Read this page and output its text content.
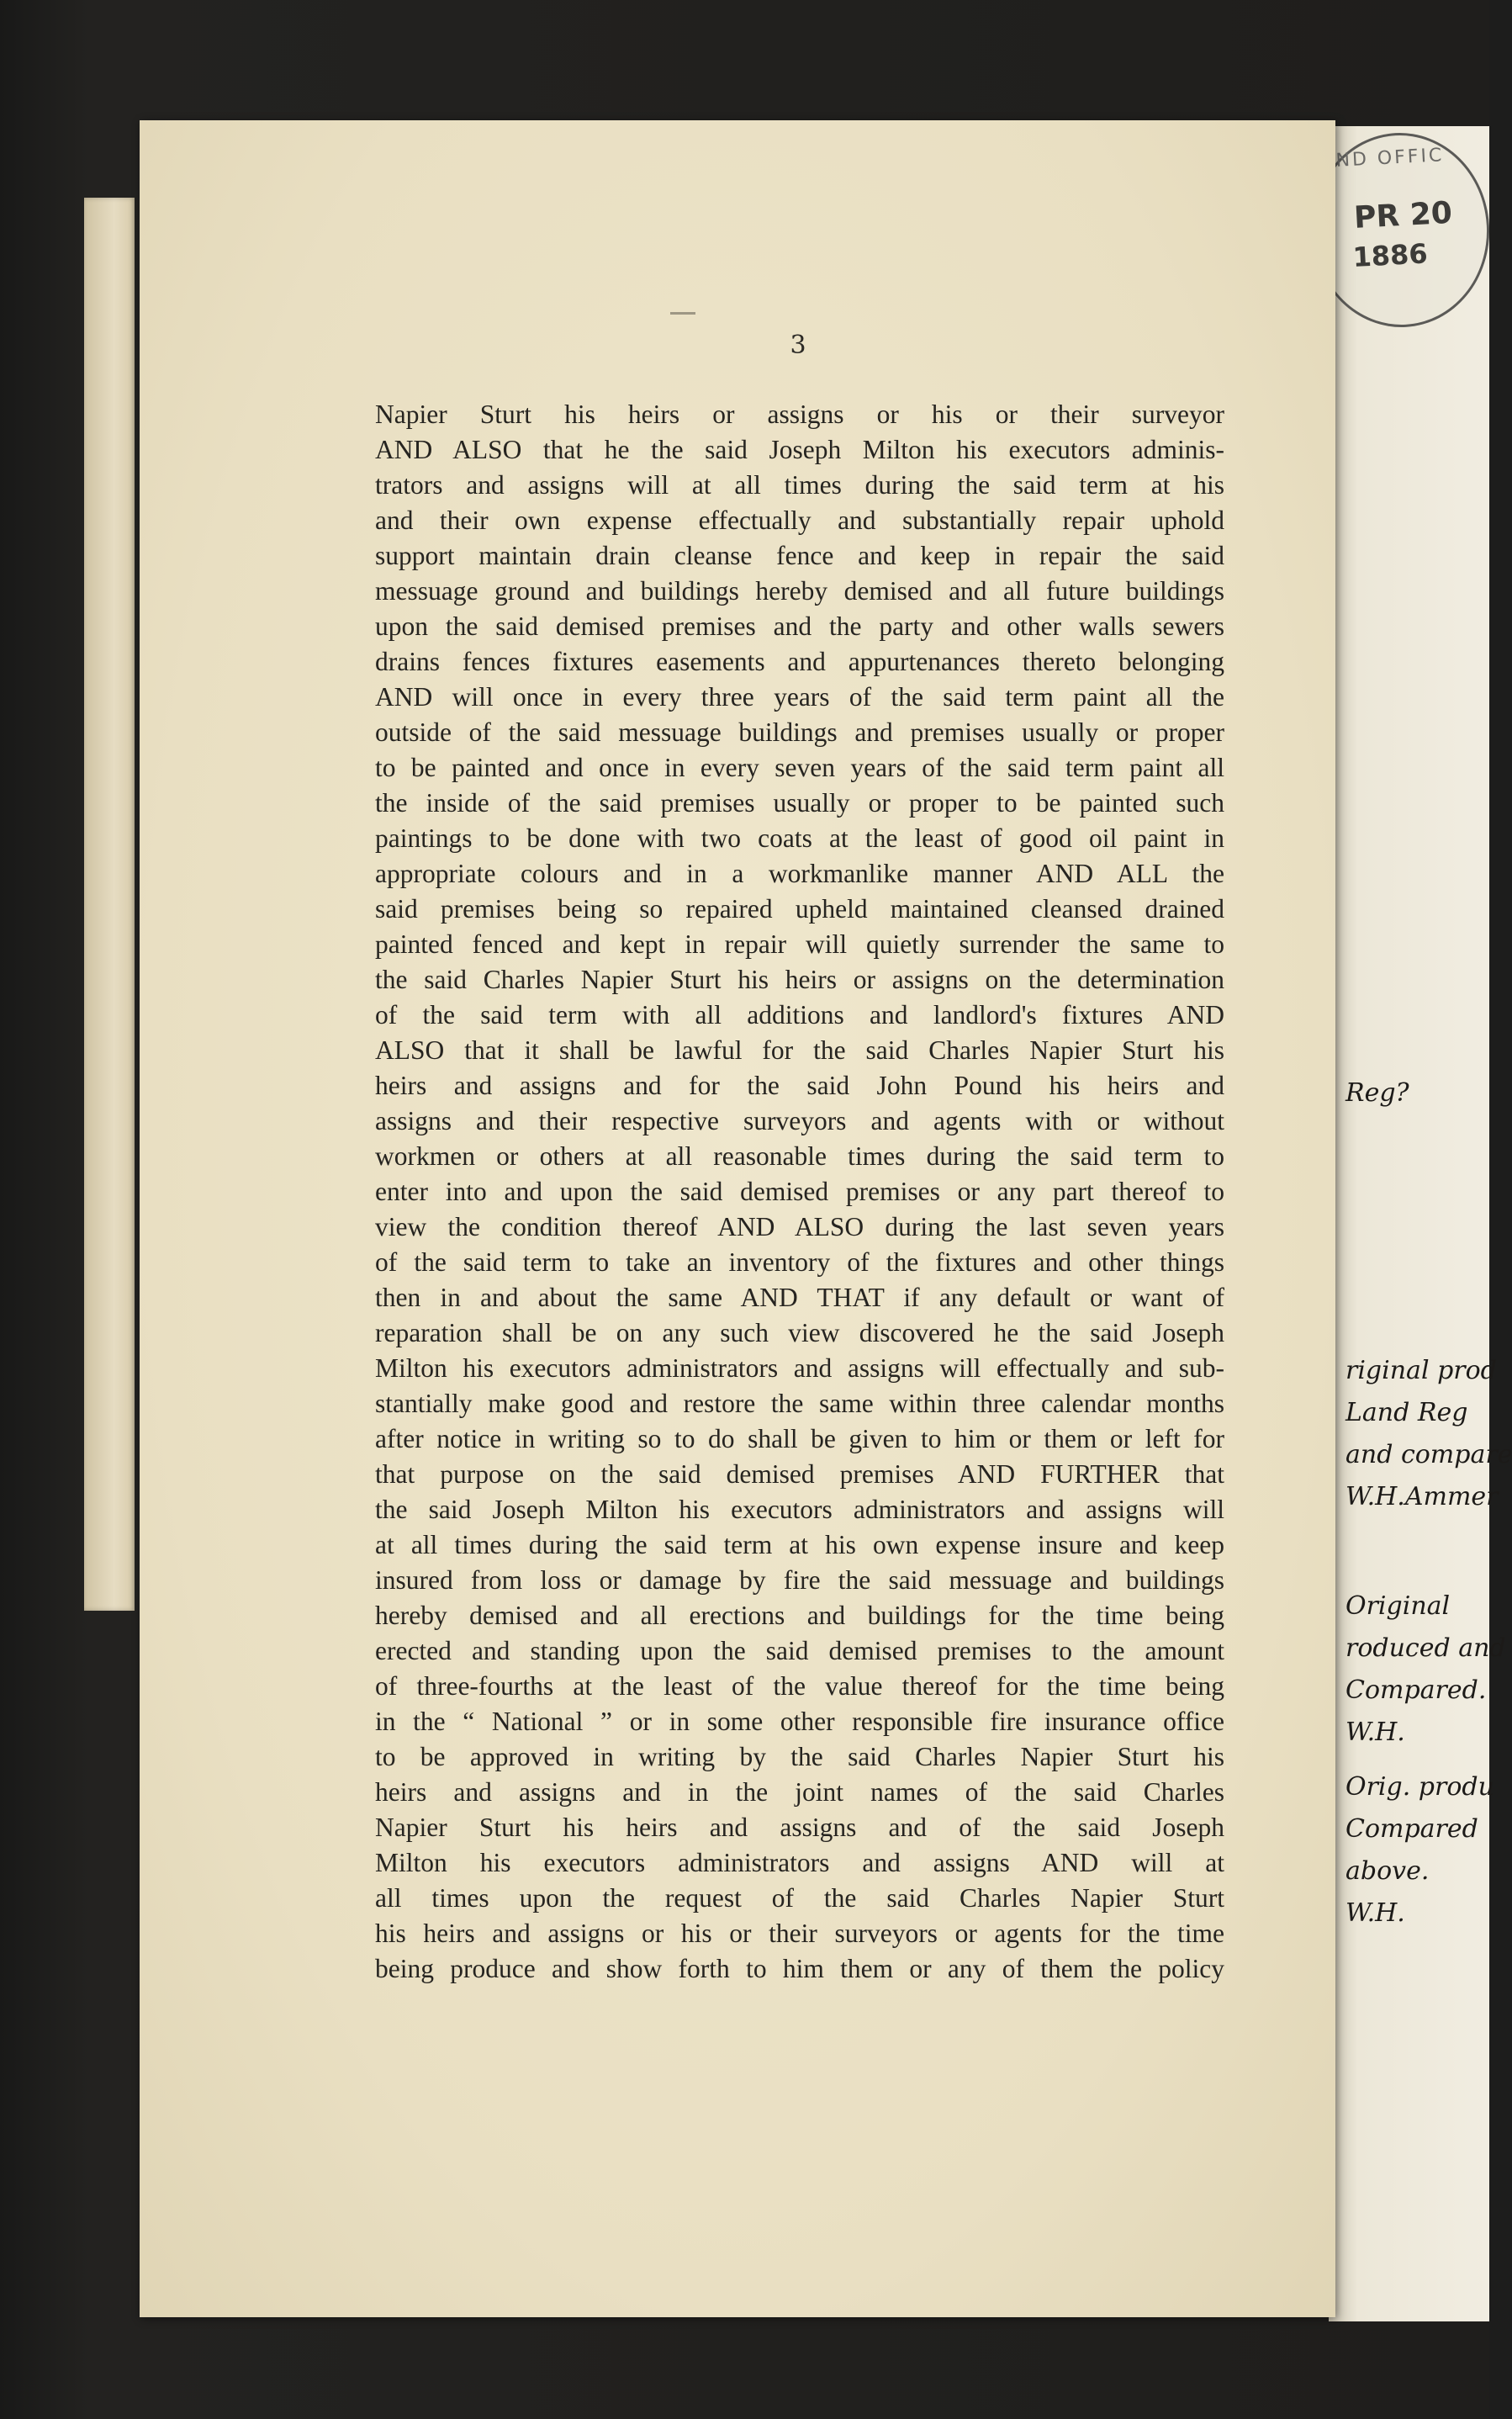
ND OFFIC
PR 20
1886
Reg?
riginal prod
Land Reg
and compare
W.H.Ammer
Original
roduced and
Compared.
W.H.
Orig. produ
Compared
above.
W.H.
3
Napier Sturt his heirs or assigns or his or their surveyor
AND ALSO that he the said Joseph Milton his executors adminis-
trators and assigns will at all times during the said term at his
and their own expense effectually and substantially repair uphold
support maintain drain cleanse fence and keep in repair the said
messuage ground and buildings hereby demised and all future buildings
upon the said demised premises and the party and other walls sewers
drains fences fixtures easements and appurtenances thereto belonging
AND will once in every three years of the said term paint all the
outside of the said messuage buildings and premises usually or proper
to be painted and once in every seven years of the said term paint all
the inside of the said premises usually or proper to be painted such
paintings to be done with two coats at the least of good oil paint in
appropriate colours and in a workmanlike manner AND ALL the
said premises being so repaired upheld maintained cleansed drained
painted fenced and kept in repair will quietly surrender the same to
the said Charles Napier Sturt his heirs or assigns on the determination
of the said term with all additions and landlord's fixtures AND
ALSO that it shall be lawful for the said Charles Napier Sturt his
heirs and assigns and for the said John Pound his heirs and
assigns and their respective surveyors and agents with or without
workmen or others at all reasonable times during the said term to
enter into and upon the said demised premises or any part thereof to
view the condition thereof AND ALSO during the last seven years
of the said term to take an inventory of the fixtures and other things
then in and about the same AND THAT if any default or want of
reparation shall be on any such view discovered he the said Joseph
Milton his executors administrators and assigns will effectually and sub-
stantially make good and restore the same within three calendar months
after notice in writing so to do shall be given to him or them or left for
that purpose on the said demised premises AND FURTHER that
the said Joseph Milton his executors administrators and assigns will
at all times during the said term at his own expense insure and keep
insured from loss or damage by fire the said messuage and buildings
hereby demised and all erections and buildings for the time being
erected and standing upon the said demised premises to the amount
of three-fourths at the least of the value thereof for the time being
in the “ National ” or in some other responsible fire insurance office
to be approved in writing by the said Charles Napier Sturt his
heirs and assigns and in the joint names of the said Charles
Napier Sturt his heirs and assigns and of the said Joseph
Milton his executors administrators and assigns AND will at
all times upon the request of the said Charles Napier Sturt
his heirs and assigns or his or their surveyors or agents for the time
being produce and show forth to him them or any of them the policy
